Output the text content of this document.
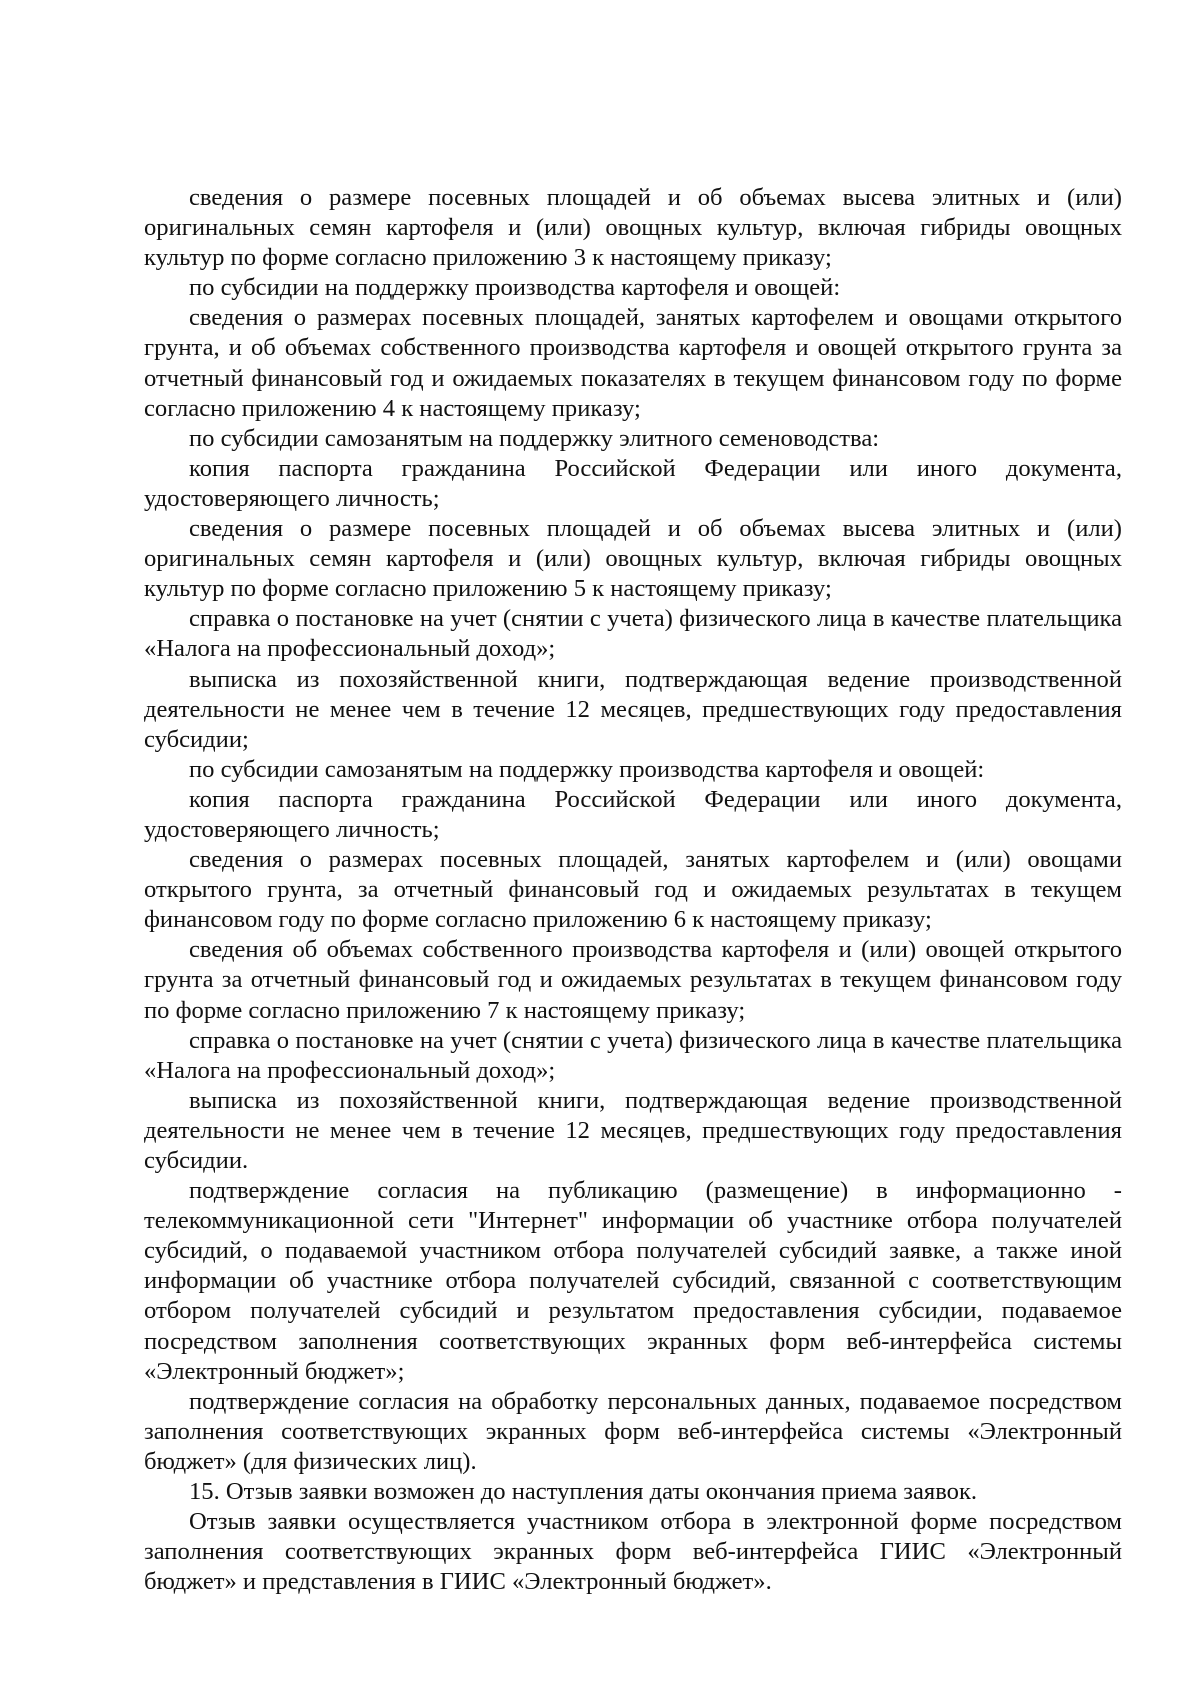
сведения о размере посевных площадей и об объемах высева элитных и (или) оригинальных семян картофеля и (или) овощных культур, включая гибриды овощных культур по форме согласно приложению 3 к настоящему приказу;

по субсидии на поддержку производства картофеля и овощей:

сведения о размерах посевных площадей, занятых картофелем и овощами открытого грунта, и об объемах собственного производства картофеля и овощей открытого грунта за отчетный финансовый год и ожидаемых показателях в текущем финансовом году по форме согласно приложению 4 к настоящему приказу;

по субсидии самозанятым на поддержку элитного семеноводства:

копия паспорта гражданина Российской Федерации или иного документа, удостоверяющего личность;

сведения о размере посевных площадей и об объемах высева элитных и (или) оригинальных семян картофеля и (или) овощных культур, включая гибриды овощных культур по форме согласно приложению 5 к настоящему приказу;

справка о постановке на учет (снятии с учета) физического лица в качестве плательщика «Налога на профессиональный доход»;

выписка из похозяйственной книги, подтверждающая ведение производственной деятельности не менее чем в течение 12 месяцев, предшествующих году предоставления субсидии;

по субсидии самозанятым на поддержку производства картофеля и овощей:

копия паспорта гражданина Российской Федерации или иного документа, удостоверяющего личность;

сведения о размерах посевных площадей, занятых картофелем и (или) овощами открытого грунта, за отчетный финансовый год и ожидаемых результатах в текущем финансовом году по форме согласно приложению 6 к настоящему приказу;

сведения об объемах собственного производства картофеля и (или) овощей открытого грунта за отчетный финансовый год и ожидаемых результатах в текущем финансовом году по форме согласно приложению 7 к настоящему приказу;

справка о постановке на учет (снятии с учета) физического лица в качестве плательщика «Налога на профессиональный доход»;

выписка из похозяйственной книги, подтверждающая ведение производственной деятельности не менее чем в течение 12 месяцев, предшествующих году предоставления субсидии.

подтверждение согласия на публикацию (размещение) в информационно - телекоммуникационной сети "Интернет" информации об участнике отбора получателей субсидий, о подаваемой участником отбора получателей субсидий заявке, а также иной информации об участнике отбора получателей субсидий, связанной с соответствующим отбором получателей субсидий и результатом предоставления субсидии, подаваемое посредством заполнения соответствующих экранных форм веб-интерфейса системы «Электронный бюджет»;

подтверждение согласия на обработку персональных данных, подаваемое посредством заполнения соответствующих экранных форм веб-интерфейса системы «Электронный бюджет» (для физических лиц).

15. Отзыв заявки возможен до наступления даты окончания приема заявок.

Отзыв заявки осуществляется участником отбора в электронной форме посредством заполнения соответствующих экранных форм веб-интерфейса ГИИС «Электронный бюджет» и представления в ГИИС «Электронный бюджет».
